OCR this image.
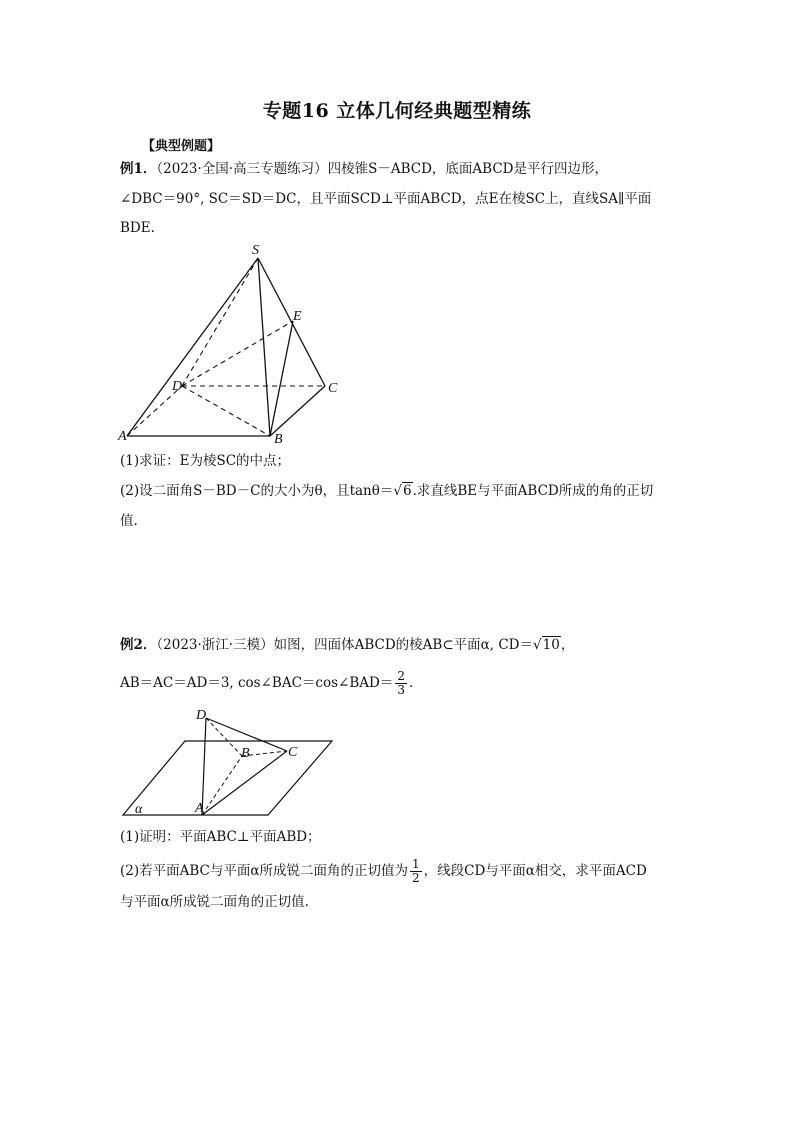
专题16 立体几何经典题型精练
【典型例题】
例1．（2023·全国·高三专题练习）四棱锥S－ABCD，底面ABCD是平行四边形，
∠DBC＝90°, SC＝SD＝DC，且平面SCD⊥平面ABCD，点E在棱SC上，直线SA∥平面
BDE.
S
E
D	C
A	B
(1)求证：E为棱SC的中点；
(2)设二面角S－BD－C的大小为θ，且tanθ＝√6.求直线BE与平面ABCD所成的角的正切
值.
例2．（2023·浙江·三模）如图，四面体ABCD的棱AB⊂平面α, CD＝√10，
AB＝AC＝AD＝3, cos∠BAC＝cos∠BAD＝ $\frac{2}{3}$ .
D
B	C
A
α
(1)证明：平面ABC⊥平面ABD；
(2)若平面ABC与平面α所成锐二面角的正切值为 $\frac{1}{2}$ ，线段CD与平面α相交，求平面ACD
与平面α所成锐二面角的正切值.
